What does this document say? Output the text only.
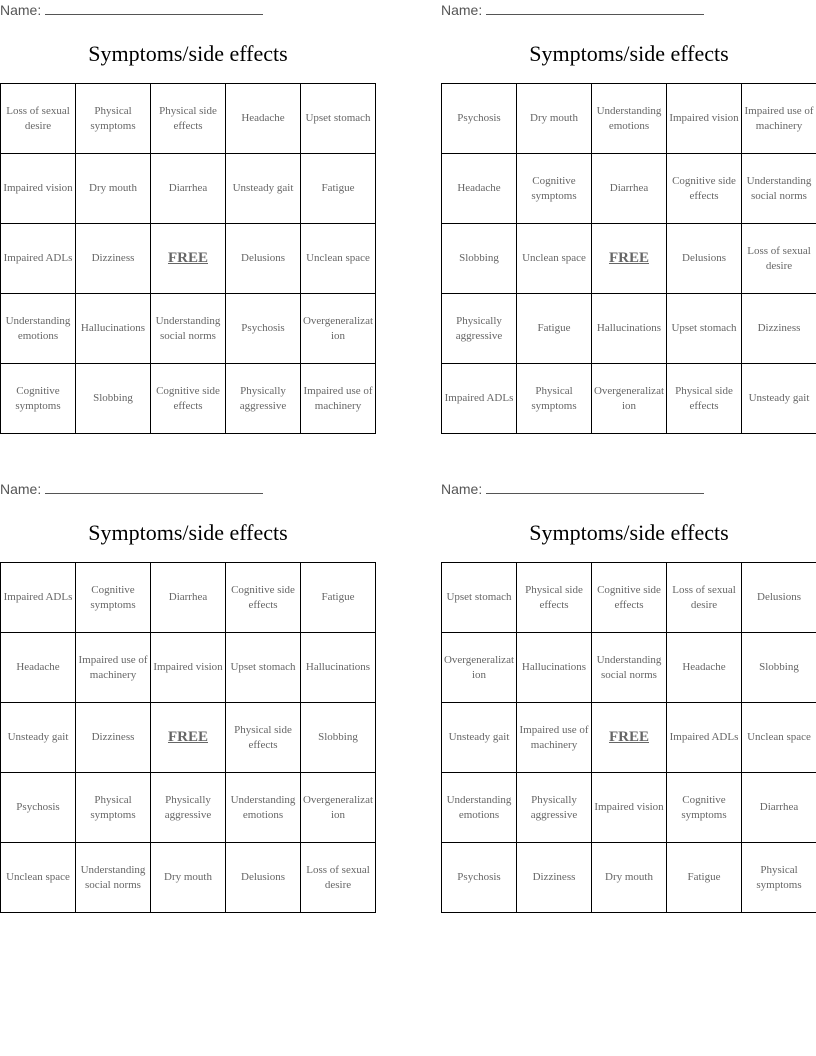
Name:
Symptoms/side effects
Loss of sexual desire	Physical symptoms	Physical side effects	Headache	Upset stomach
Impaired vision	Dry mouth	Diarrhea	Unsteady gait	Fatigue
Impaired ADLs	Dizziness	FREE	Delusions	Unclean space
Understanding emotions	Hallucinations	Understanding social norms	Psychosis	Overgeneralizat ion
Cognitive symptoms	Slobbing	Cognitive side effects	Physically aggressive	Impaired use of machinery
Name:
Symptoms/side effects
Psychosis	Dry mouth	Understanding emotions	Impaired vision	Impaired use of machinery
Headache	Cognitive symptoms	Diarrhea	Cognitive side effects	Understanding social norms
Slobbing	Unclean space	FREE	Delusions	Loss of sexual desire
Physically aggressive	Fatigue	Hallucinations	Upset stomach	Dizziness
Impaired ADLs	Physical symptoms	Overgeneralizat ion	Physical side effects	Unsteady gait
Name:
Symptoms/side effects
Impaired ADLs	Cognitive symptoms	Diarrhea	Cognitive side effects	Fatigue
Headache	Impaired use of machinery	Impaired vision	Upset stomach	Hallucinations
Unsteady gait	Dizziness	FREE	Physical side effects	Slobbing
Psychosis	Physical symptoms	Physically aggressive	Understanding emotions	Overgeneralizat ion
Unclean space	Understanding social norms	Dry mouth	Delusions	Loss of sexual desire
Name:
Symptoms/side effects
Upset stomach	Physical side effects	Cognitive side effects	Loss of sexual desire	Delusions
Overgeneralizat ion	Hallucinations	Understanding social norms	Headache	Slobbing
Unsteady gait	Impaired use of machinery	FREE	Impaired ADLs	Unclean space
Understanding emotions	Physically aggressive	Impaired vision	Cognitive symptoms	Diarrhea
Psychosis	Dizziness	Dry mouth	Fatigue	Physical symptoms
